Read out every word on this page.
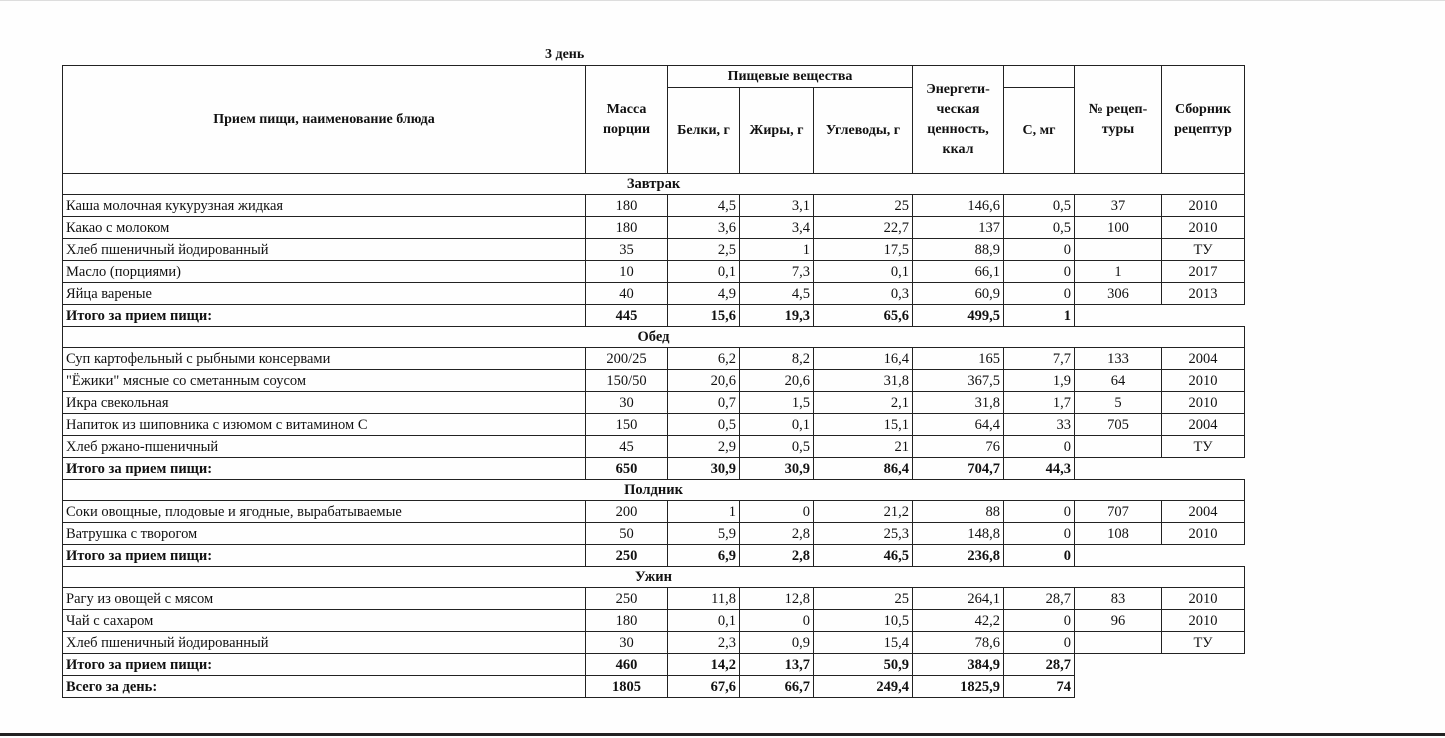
3 день
Прием пищи, наименование блюда	Масса порции	Пищевые вещества			Энергети-ческая ценность, ккал		№ рецеп-туры	Сборник рецептур
		Белки, г	Жиры, г	Углеводы, г		С, мг		
Завтрак								
Каша молочная кукурузная жидкая	180	4,5	3,1	25	146,6	0,5	37	2010
Какао с молоком	180	3,6	3,4	22,7	137	0,5	100	2010
Хлеб пшеничный йодированный	35	2,5	1	17,5	88,9	0		ТУ
Масло (порциями)	10	0,1	7,3	0,1	66,1	0	1	2017
Яйца вареные	40	4,9	4,5	0,3	60,9	0	306	2013
Итого за прием пищи:	445	15,6	19,3	65,6	499,5	1		
Обед								
Суп картофельный с рыбными консервами	200/25	6,2	8,2	16,4	165	7,7	133	2004
"Ёжики" мясные со сметанным соусом	150/50	20,6	20,6	31,8	367,5	1,9	64	2010
Икра свекольная	30	0,7	1,5	2,1	31,8	1,7	5	2010
Напиток из шиповника с изюмом с витамином С	150	0,5	0,1	15,1	64,4	33	705	2004
Хлеб ржано-пшеничный	45	2,9	0,5	21	76	0		ТУ
Итого за прием пищи:	650	30,9	30,9	86,4	704,7	44,3		
Полдник								
Соки овощные, плодовые и ягодные, вырабатываемые	200	1	0	21,2	88	0	707	2004
Ватрушка с творогом	50	5,9	2,8	25,3	148,8	0	108	2010
Итого за прием пищи:	250	6,9	2,8	46,5	236,8	0		
Ужин								
Рагу из овощей с мясом	250	11,8	12,8	25	264,1	28,7	83	2010
Чай с сахаром	180	0,1	0	10,5	42,2	0	96	2010
Хлеб пшеничный йодированный	30	2,3	0,9	15,4	78,6	0		ТУ
Итого за прием пищи:	460	14,2	13,7	50,9	384,9	28,7		
Всего за день:	1805	67,6	66,7	249,4	1825,9	74		
